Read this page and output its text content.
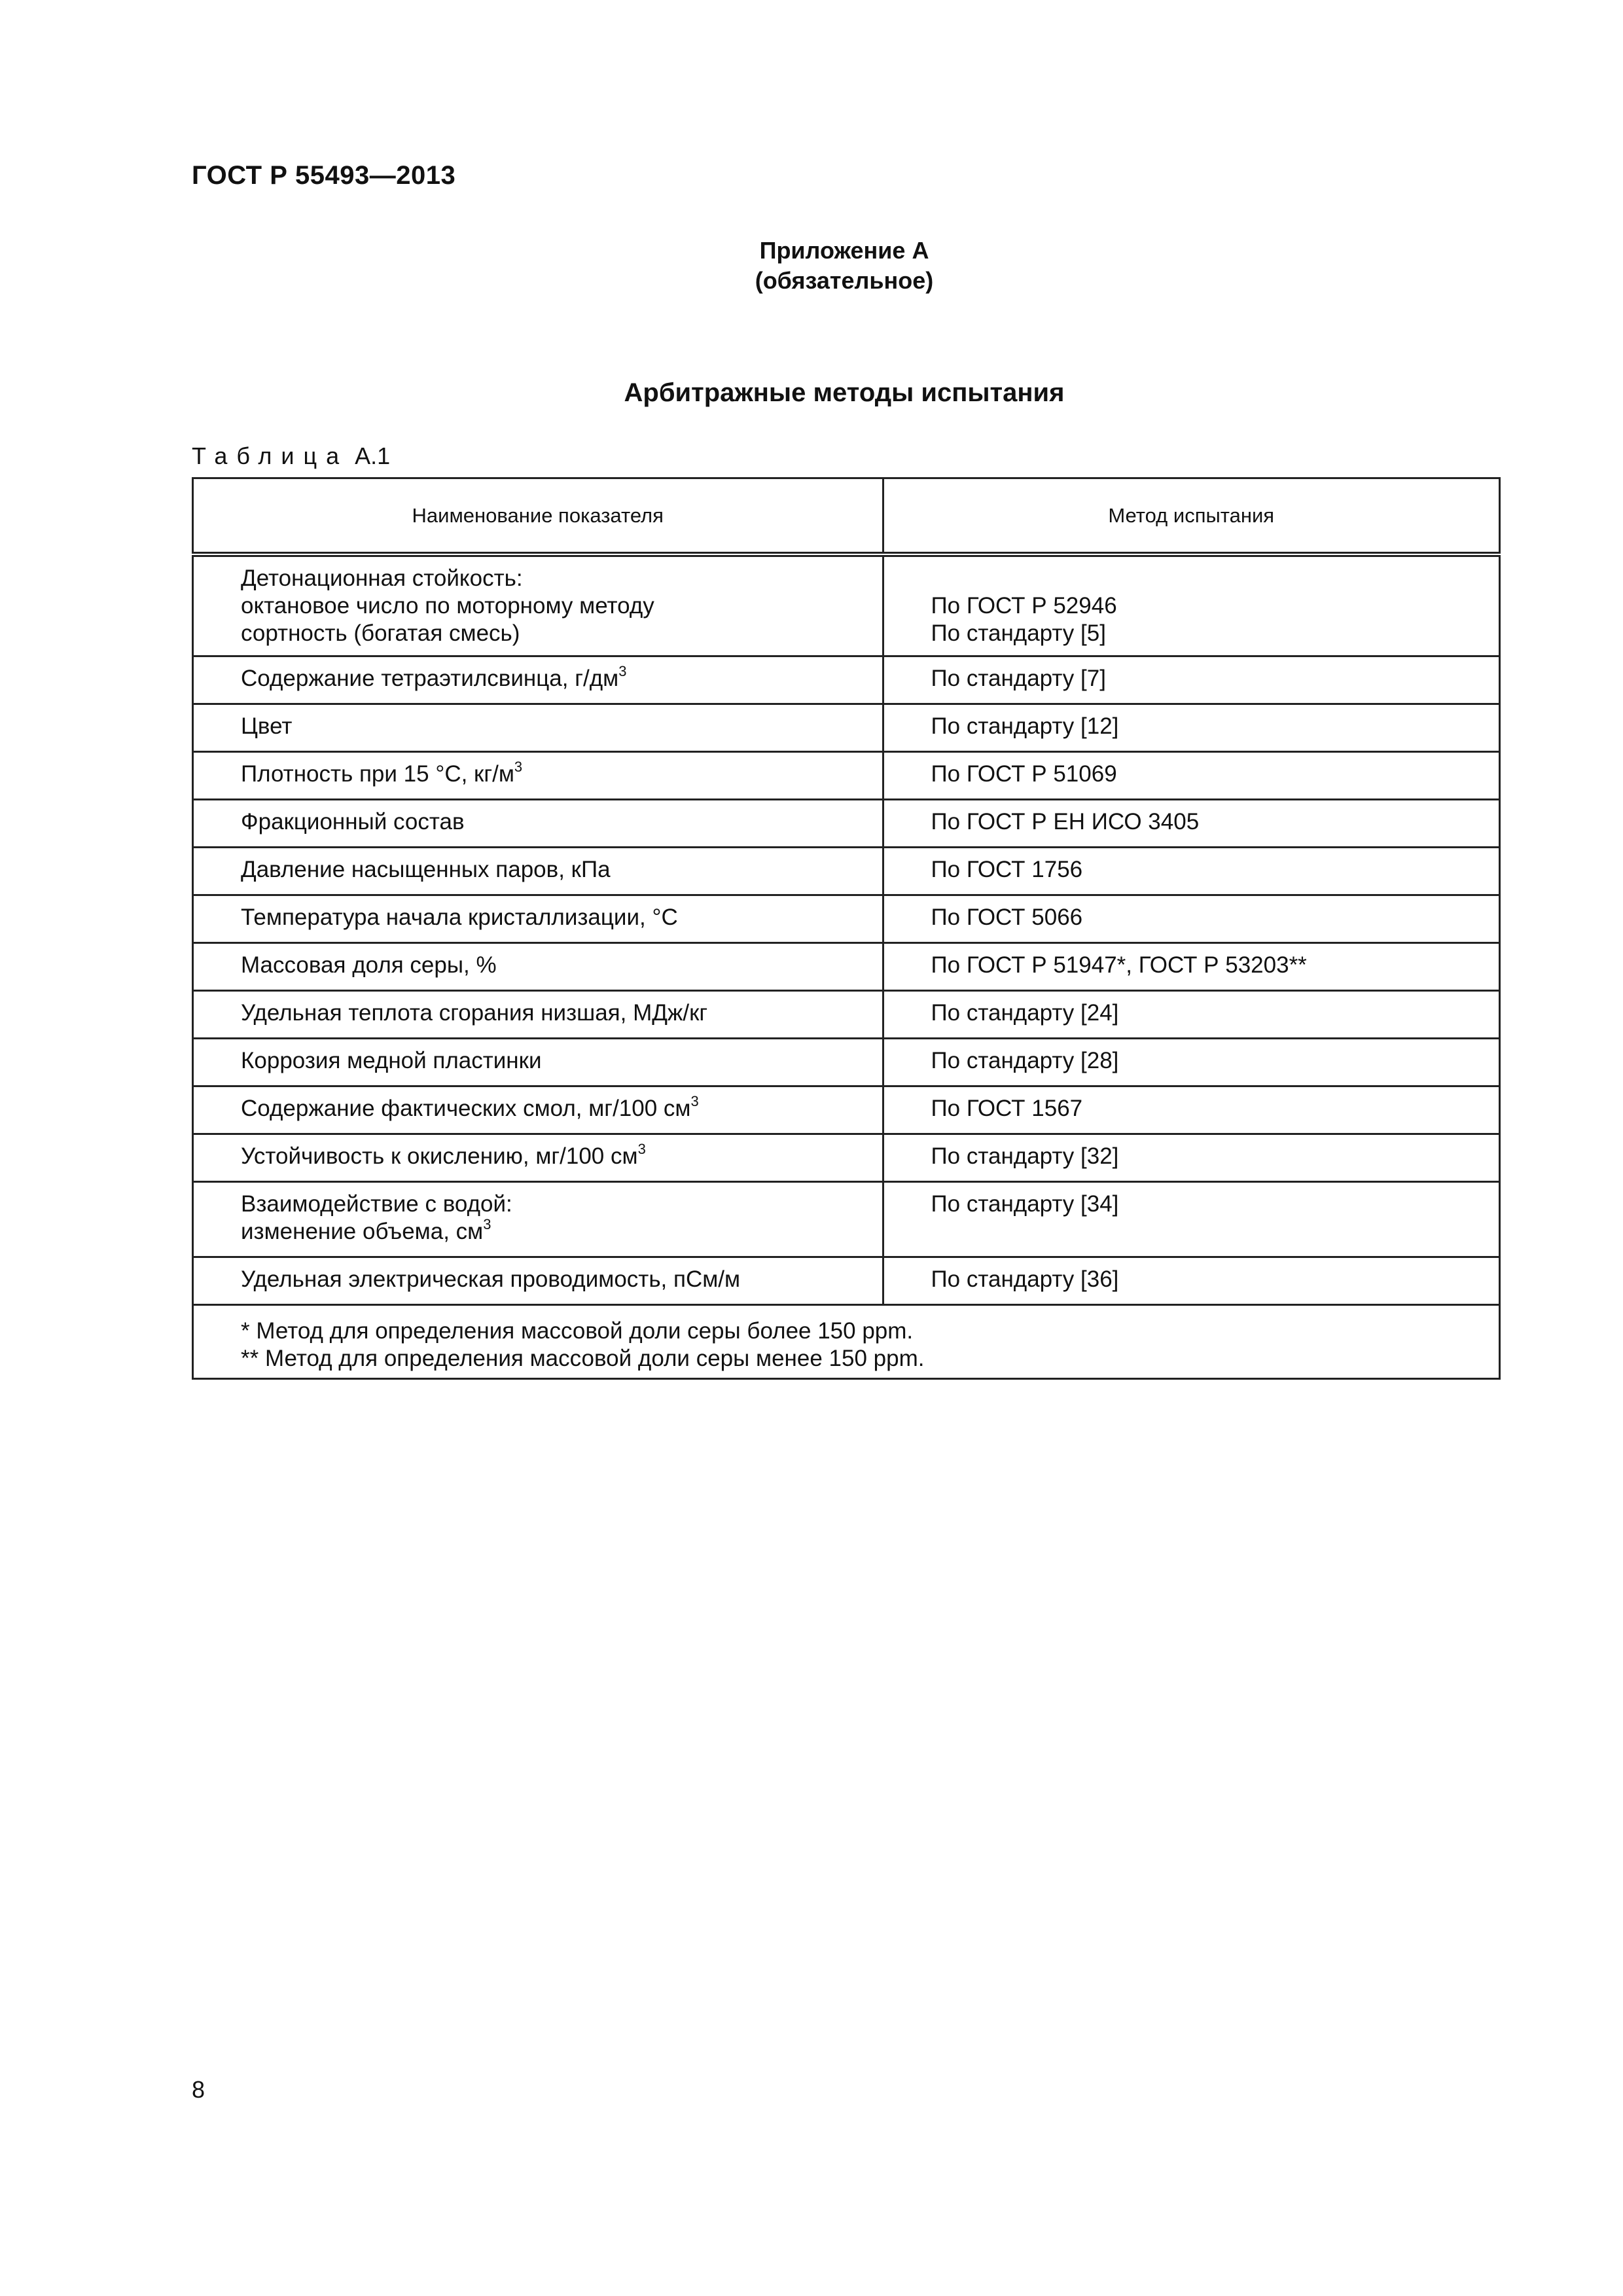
ГОСТ Р 55493—2013
Приложение А
(обязательное)
Арбитражные методы испытания
Таблица А.1
Наименование показателя	Метод испытания

Детонационная стойкость:
октановое число по моторному методу
сортность (богатая смесь)	По ГОСТ Р 52946
По стандарту [5]

Содержание тетраэтилсвинца, $г/дм^3$	По стандарту [7]
Цвет	По стандарту [12]
Плотность при 15 °С, $кг/м^3$	По ГОСТ Р 51069
Фракционный состав	По ГОСТ Р ЕН ИСО 3405
Давление насыщенных паров, кПа	По ГОСТ 1756
Температура начала кристаллизации, °С	По ГОСТ 5066
Массовая доля серы, %	По ГОСТ Р 51947*, ГОСТ Р 53203**
Удельная теплота сгорания низшая, МДж/кг	По стандарту [24]
Коррозия медной пластинки	По стандарту [28]
Содержание фактических смол, мг/100 $см^3$	По ГОСТ 1567
Устойчивость к окислению, мг/100 $см^3$	По стандарту [32]

Взаимодействие с водой:
изменение объема, $см^3$	По стандарту [34]
Удельная электрическая проводимость, пСм/м	По стандарту [36]

* Метод для определения массовой доли серы более 150 ppm.
** Метод для определения массовой доли серы менее 150 ppm.	
8
